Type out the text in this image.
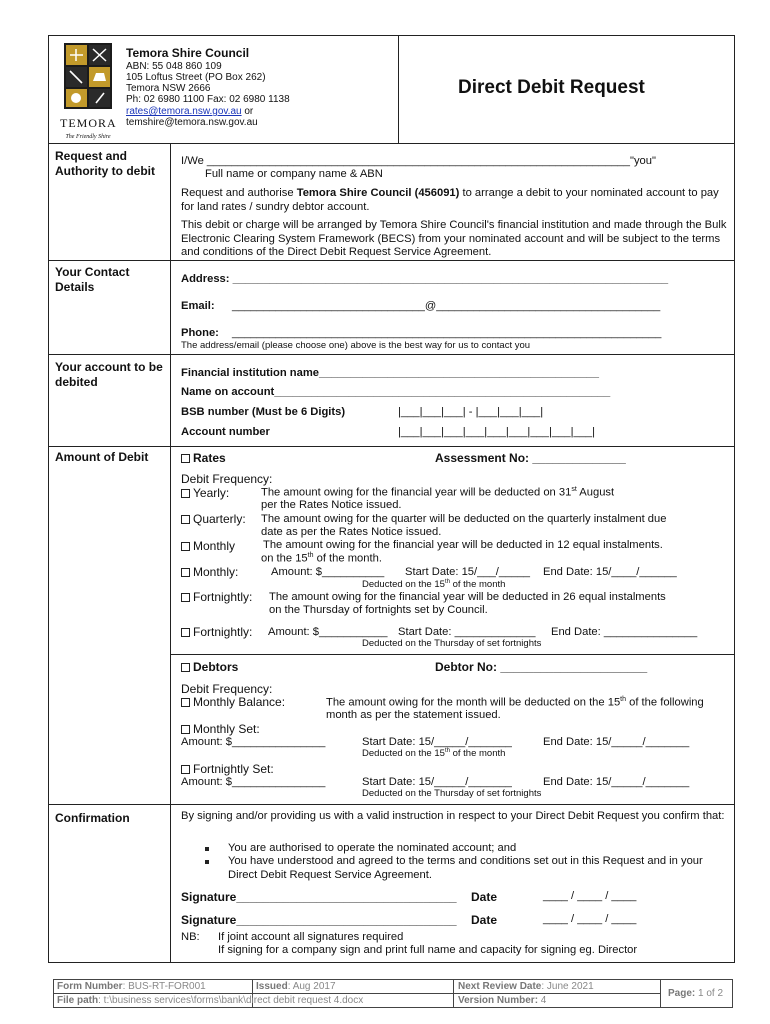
TEMORA
The Friendly Shire
Temora Shire Council
ABN: 55 048 860 109
105 Loftus Street (PO Box 262)
Temora NSW 2666
Ph: 02 6980 1100 Fax: 02 6980 1138
rates@temora.nsw.gov.au or
temshire@temora.nsw.gov.au
Direct Debit Request
Request and Authority to debit
I/We ____________________________________________________________________"you"
Full name or company name & ABN
Request and authorise Temora Shire Council (456091) to arrange a debit to your nominated account to pay for land rates / sundry debtor account.
This debit or charge will be arranged by Temora Shire Council's financial institution and made through the Bulk Electronic Clearing System Framework (BECS) from your nominated account and will be subject to the terms and conditions of the Direct Debit Request Service Agreement.
Your Contact Details
Address: ______________________________________________________________________
Email: _______________________________@____________________________________
Phone: _____________________________________________________________________
The address/email (please choose one) above is the best way for us to contact you
Your account to be debited
Financial institution name_____________________________________________
Name on account______________________________________________________
BSB number (Must be 6 Digits)	|___|___|___| - |___|___|___|
Account number	|___|___|___|___|___|___|___|___|___|
Amount of Debit	Rates	Assessment No: ______________
Debit Frequency:
Yearly:	The amount owing for the financial year will be deducted on 31st August
per the Rates Notice issued.
Quarterly: The amount owing for the quarter will be deducted on the quarterly instalment due
date as per the Rates Notice issued.
Monthly The amount owing for the financial year will be deducted in 12 equal instalments.
on the 15th of the month.
Monthly:	Amount: $__________ Start Date: 15/___/_____ End Date: 15/____/______
Deducted on the 15th of the month
Fortnightly: The amount owing for the financial year will be deducted in 26 equal instalments
on the Thursday of fortnights set by Council.
Fortnightly: Amount: $___________ Start Date: _____________ End Date: _______________
Deducted on the Thursday of set fortnights
Debtors	Debtor No: ______________________
Debit Frequency:
Monthly Balance:	The amount owing for the month will be deducted on the 15th of the following
month as per the statement issued.
Monthly Set:
Amount: $_______________	Start Date: 15/_____/_______	End Date: 15/_____/_______
Deducted on the 15th of the month
Fortnightly Set:
Amount: $_______________	Start Date: 15/_____/_______	End Date: 15/_____/_______
Deducted on the Thursday of set fortnights
Confirmation	By signing and/or providing us with a valid instruction in respect to your Direct Debit Request you confirm that:
You are authorised to operate the nominated account; and
You have understood and agreed to the terms and conditions set out in this Request and in your Direct Debit Request Service Agreement.
Signature_________________________________ Date	____ / ____ / ____
Signature_________________________________ Date	____ / ____ / ____
NB: If joint account all signatures required
If signing for a company sign and print full name and capacity for signing eg. Director
Form Number: BUS-RT-FOR001	Issued: Aug 2017	Next Review Date: June 2021
Page: 1 of 2
File path: t:\business services\forms\bank\direct debit request 4.docx	Version Number: 4
